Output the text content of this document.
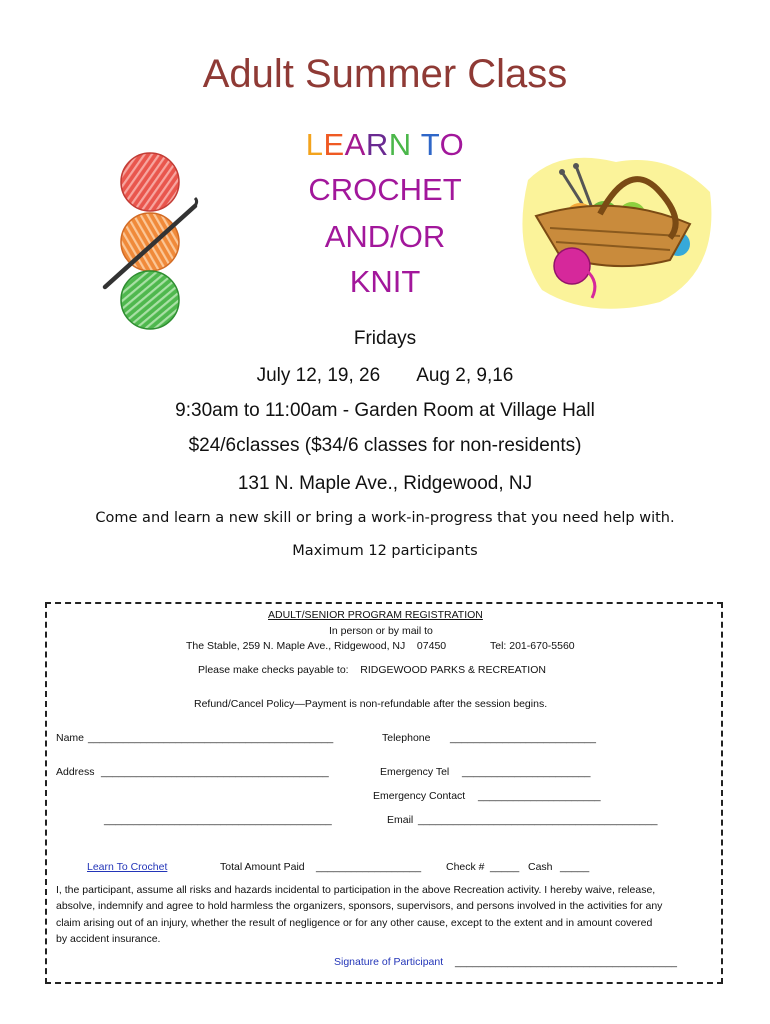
Adult Summer Class
LEARN TO
CROCHET
AND/OR
KNIT
Fridays
July 12, 19, 26 Aug 2, 9,16
9:30am to 11:00am - Garden Room at Village Hall
$24/6classes ($34/6 classes for non-residents)
131 N. Maple Ave., Ridgewood, NJ
Come and learn a new skill or bring a work-in-progress that you need help with.
Maximum 12 participants
ADULT/SENIOR PROGRAM REGISTRATION
In person or by mail to
The Stable, 259 N. Maple Ave., Ridgewood, NJ    07450	Tel: 201-670-5560
Please make checks payable to:    RIDGEWOOD PARKS & RECREATION
Refund/Cancel Policy—Payment is non-refundable after the session begins.
Name __________________________________________	Telephone _________________________
Address _______________________________________	Emergency Tel ______________________
Emergency Contact _____________________
_______________________________________	Email _________________________________________
Learn To Crochet	Total Amount Paid __________________ Check # _____ Cash _____
I, the participant, assume all risks and hazards incidental to participation in the above Recreation activity. I hereby waive, release,
absolve, indemnify and agree to hold harmless the organizers, sponsors, supervisors, and persons involved in the activities for any
claim arising out of an injury, whether the result of negligence or for any other cause, except to the extent and in amount covered
by accident insurance.
Signature of Participant ______________________________________
